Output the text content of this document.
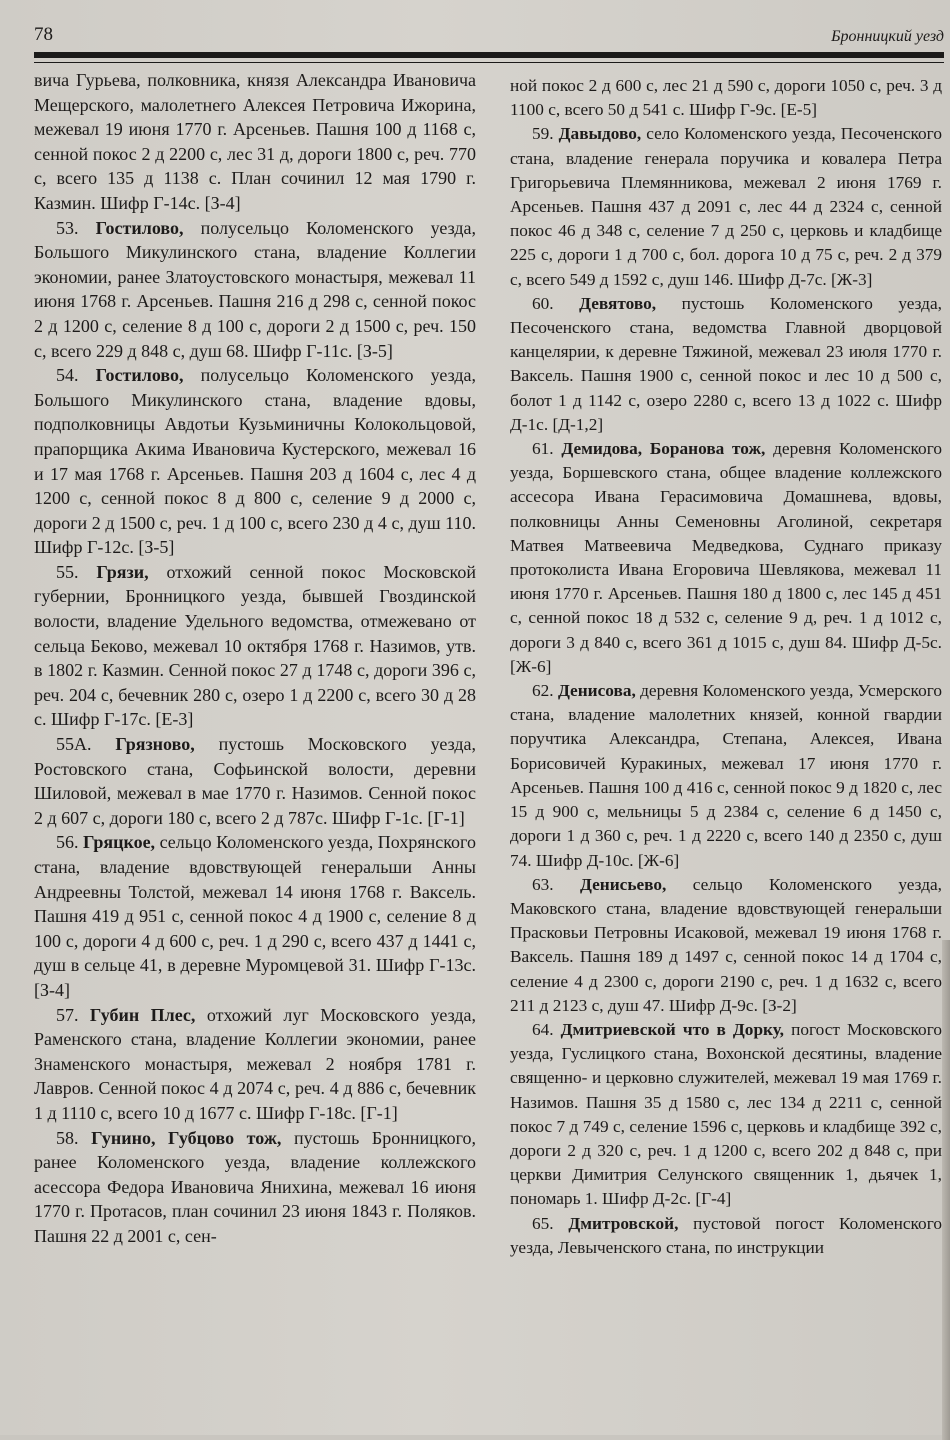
78	Бронницкий уезд

вича Гурьева, полковника, князя Александра Ивановича Мещерского, малолетнего Алексея Петровича Ижорина, межевал 19 июня 1770 г. Арсеньев. Пашня 100 д 1168 с, сенной покос 2 д 2200 с, лес 31 д, дороги 1800 с, реч. 770 с, всего 135 д 1138 с. План сочинил 12 мая 1790 г. Казмин. Шифр Г-14с. [З-4]

53. Гостилово, полусельцо Коломенского уезда, Большого Микулинского стана, владение Коллегии экономии, ранее Златоустовского монастыря, межевал 11 июня 1768 г. Арсеньев. Пашня 216 д 298 с, сенной покос 2 д 1200 с, селение 8 д 100 с, дороги 2 д 1500 с, реч. 150 с, всего 229 д 848 с, душ 68. Шифр Г-11с. [З-5]

54. Гостилово, полусельцо Коломенского уезда, Большого Микулинского стана, владение вдовы, подполковницы Авдотьи Кузьминичны Колокольцовой, прапорщика Акима Ивановича Кустерского, межевал 16 и 17 мая 1768 г. Арсеньев. Пашня 203 д 1604 с, лес 4 д 1200 с, сенной покос 8 д 800 с, селение 9 д 2000 с, дороги 2 д 1500 с, реч. 1 д 100 с, всего 230 д 4 с, душ 110. Шифр Г-12с. [З-5]

55. Грязи, отхожий сенной покос Московской губернии, Бронницкого уезда, бывшей Гвоздинской волости, владение Удельного ведомства, отмежевано от сельца Беково, межевал 10 октября 1768 г. Назимов, утв. в 1802 г. Казмин. Сенной покос 27 д 1748 с, дороги 396 с, реч. 204 с, бечевник 280 с, озеро 1 д 2200 с, всего 30 д 28 с. Шифр Г-17с. [Е-3]

55А. Грязново, пустошь Московского уезда, Ростовского стана, Софьинской волости, деревни Шиловой, межевал в мае 1770 г. Назимов. Сенной покос 2 д 607 с, дороги 180 с, всего 2 д 787с. Шифр Г-1с. [Г-1]

56. Гряцкое, сельцо Коломенского уезда, Похрянского стана, владение вдовствующей генеральши Анны Андреевны Толстой, межевал 14 июня 1768 г. Ваксель. Пашня 419 д 951 с, сенной покос 4 д 1900 с, селение 8 д 100 с, дороги 4 д 600 с, реч. 1 д 290 с, всего 437 д 1441 с, душ в сельце 41, в деревне Муромцевой 31. Шифр Г-13с. [З-4]

57. Губин Плес, отхожий луг Московского уезда, Раменского стана, владение Коллегии экономии, ранее Знаменского монастыря, межевал 2 ноября 1781 г. Лавров. Сенной покос 4 д 2074 с, реч. 4 д 886 с, бечевник 1 д 1110 с, всего 10 д 1677 с. Шифр Г-18с. [Г-1]

58. Гунино, Губцово тож, пустошь Бронницкого, ранее Коломенского уезда, владение коллежского асессора Федора Ивановича Янихина, межевал 16 июня 1770 г. Протасов, план сочинил 23 июня 1843 г. Поляков. Пашня 22 д 2001 с, сен-

ной покос 2 д 600 с, лес 21 д 590 с, дороги 1050 с, реч. 3 д 1100 с, всего 50 д 541 с. Шифр Г-9с. [Е-5]

59. Давыдово, село Коломенского уезда, Песоченского стана, владение генерала поручика и ковалера Петра Григорьевича Племянникова, межевал 2 июня 1769 г. Арсеньев. Пашня 437 д 2091 с, лес 44 д 2324 с, сенной покос 46 д 348 с, селение 7 д 250 с, церковь и кладбище 225 с, дороги 1 д 700 с, бол. дорога 10 д 75 с, реч. 2 д 379 с, всего 549 д 1592 с, душ 146. Шифр Д-7с. [Ж-3]

60. Девятово, пустошь Коломенского уезда, Песоченского стана, ведомства Главной дворцовой канцелярии, к деревне Тяжиной, межевал 23 июля 1770 г. Ваксель. Пашня 1900 с, сенной покос и лес 10 д 500 с, болот 1 д 1142 с, озеро 2280 с, всего 13 д 1022 с. Шифр Д-1с. [Д-1,2]

61. Демидова, Боранова тож, деревня Коломенского уезда, Боршевского стана, общее владение коллежского ассесора Ивана Герасимовича Домашнева, вдовы, полковницы Анны Семеновны Аголиной, секретаря Матвея Матвеевича Медведкова, Суднаго приказу протоколиста Ивана Егоровича Шевлякова, межевал 11 июня 1770 г. Арсеньев. Пашня 180 д 1800 с, лес 145 д 451 с, сенной покос 18 д 532 с, селение 9 д, реч. 1 д 1012 с, дороги 3 д 840 с, всего 361 д 1015 с, душ 84. Шифр Д-5с. [Ж-6]

62. Денисова, деревня Коломенского уезда, Усмерского стана, владение малолетних князей, конной гвардии поручтика Александра, Степана, Алексея, Ивана Борисовичей Куракиных, межевал 17 июня 1770 г. Арсеньев. Пашня 100 д 416 с, сенной покос 9 д 1820 с, лес 15 д 900 с, мельницы 5 д 2384 с, селение 6 д 1450 с, дороги 1 д 360 с, реч. 1 д 2220 с, всего 140 д 2350 с, душ 74. Шифр Д-10с. [Ж-6]

63. Денисьево, сельцо Коломенского уезда, Маковского стана, владение вдовствующей генеральши Прасковьи Петровны Исаковой, межевал 19 июня 1768 г. Ваксель. Пашня 189 д 1497 с, сенной покос 14 д 1704 с, селение 4 д 2300 с, дороги 2190 с, реч. 1 д 1632 с, всего 211 д 2123 с, душ 47. Шифр Д-9с. [З-2]

64. Дмитриевской что в Дорку, погост Московского уезда, Гуслицкого стана, Вохонской десятины, владение священно- и церковно служителей, межевал 19 мая 1769 г. Назимов. Пашня 35 д 1580 с, лес 134 д 2211 с, сенной покос 7 д 749 с, селение 1596 с, церковь и кладбище 392 с, дороги 2 д 320 с, реч. 1 д 1200 с, всего 202 д 848 с, при церкви Димитрия Селунского священник 1, дьячек 1, пономарь 1. Шифр Д-2с. [Г-4]

65. Дмитровской, пустовой погост Коломенского уезда, Левыченского стана, по инструкции
